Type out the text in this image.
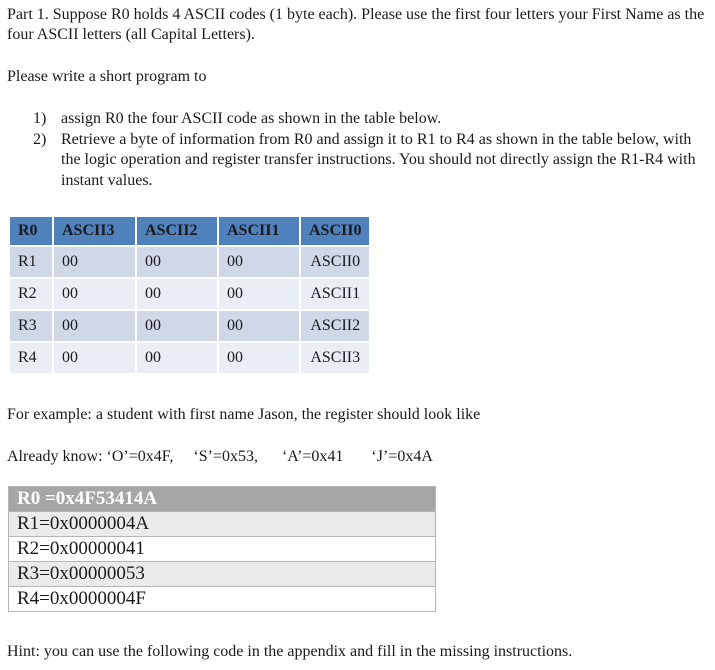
Part 1. Suppose R0 holds 4 ASCII codes (1 byte each). Please use the first four letters your First Name as the four ASCII letters (all Capital Letters).

Please write a short program to

1) assign R0 the four ASCII code as shown in the table below.
2) Retrieve a byte of information from R0 and assign it to R1 to R4 as shown in the table below, with the logic operation and register transfer instructions. You should not directly assign the R1-R4 with instant values.
R0	ASCII3	ASCII2	ASCII1	ASCII0
R1	00	00	00	ASCII0
R2	00	00	00	ASCII1
R3	00	00	00	ASCII2
R4	00	00	00	ASCII3

For example: a student with first name Jason, the register should look like

Already know: ‘O’=0x4F,     ‘S’=0x53,      ‘A’=0x41       ‘J’=0x4A

R0 =0x4F53414A
R1=0x0000004A
R2=0x00000041
R3=0x00000053
R4=0x0000004F

Hint: you can use the following code in the appendix and fill in the missing instructions.
